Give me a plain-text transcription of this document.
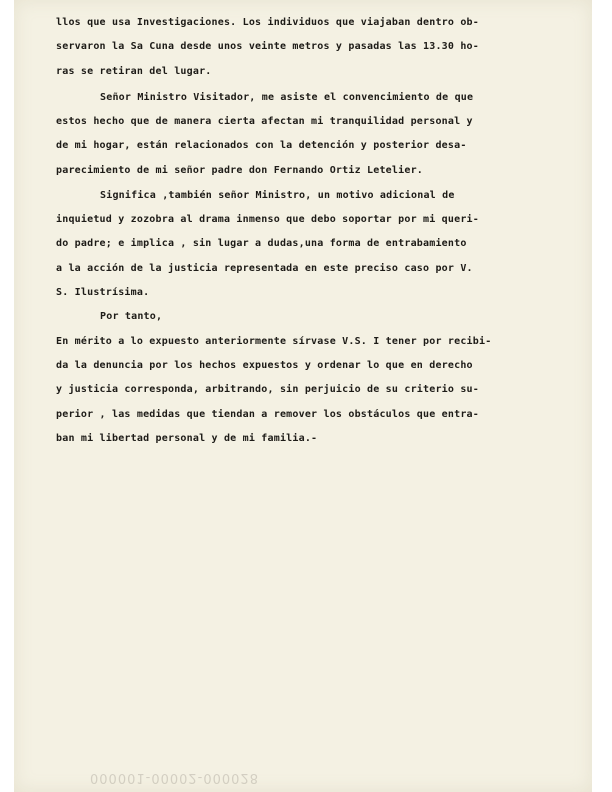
llos que usa Investigaciones. Los individuos que viajaban dentro ob-
servaron la Sa Cuna desde unos veinte metros y pasadas las 13.30 ho-
ras se retiran del lugar.
Señor Ministro Visitador, me asiste el convencimiento de que
estos hecho que de manera cierta afectan mi tranquilidad personal y
de mi hogar, están relacionados con la detención y posterior desa-
parecimiento de mi señor padre don Fernando Ortiz Letelier.
Significa ,también señor Ministro, un motivo adicional de
inquietud y zozobra al drama inmenso que debo soportar por mi queri-
do padre; e implica , sin lugar a dudas,una forma de entrabamiento
a la acción de la justicia representada en este preciso caso por V.
S. Ilustrísima.
Por tanto,
En mérito a lo expuesto anteriormente sírvase V.S. I tener por recibi-
da la denuncia por los hechos expuestos y ordenar lo que en derecho
y justicia corresponda, arbitrando, sin perjuicio de su criterio su-
perior , las medidas que tiendan a remover los obstáculos que entra-
ban mi libertad personal y de mi familia.-
000001-00002-000028
